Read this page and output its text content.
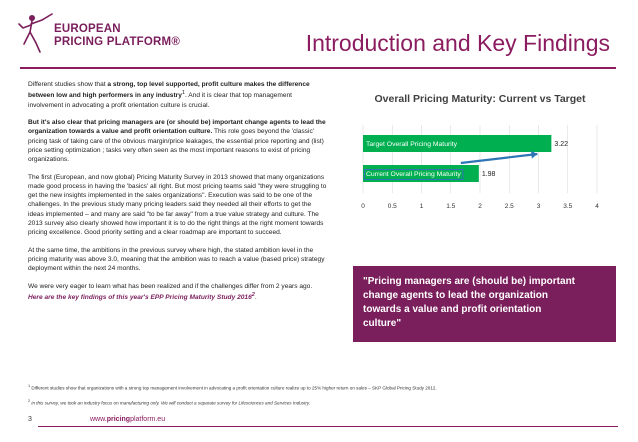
EUROPEAN
PRICING PLATFORM®	Introduction and Key Findings

Different studies show that a strong, top level supported, profit culture makes the difference between low and high performers in any industry$^1$. And it is clear that top management involvement in advocating a profit orientation culture is crucial.

But it's also clear that pricing managers are (or should be) important change agents to lead the organization towards a value and profit orientation culture. This role goes beyond the 'classic' pricing task of taking care of the obvious margin/price leakages, the essential price reporting and (list) price setting optimization ; tasks very often seen as the most important reasons to exist of pricing organizations.

The first (European, and now global) Pricing Maturity Survey in 2013 showed that many organizations made good process in having the 'basics' all right. But most pricing teams said "they were struggling to get the new insights implemented in the sales organizations". Execution was said to be one of the challenges. In the previous study many pricing leaders said they needed all their efforts to get the ideas implemented – and many are said "to be far away" from a true value strategy and culture. The 2013 survey also clearly showed how important it is to do the right things at the right moment towards pricing excellence. Good priority setting and a clear roadmap are important to succeed.

At the same time, the ambitions in the previous survey where high, the stated ambition level in the pricing maturity was above 3.0, meaning that the ambition was to reach a value (based price) strategy deployment within the next 24 months.

We were very eager to learn what has been realized and if the challenges differ from 2 years ago. Here are the key findings of this year's EPP Pricing Maturity Study 2016$^2$.

Overall Pricing Maturity: Current vs Target
0	0.5	1	1.5	2	2.5	3	3.5	4
Target Overall Pricing Maturity	3.22
Current Overall Pricing Maturity	1.98
"Pricing managers are (should be) important
change agents to lead the organization
towards a value and profit orientation
culture"

$^1$ Different studies show that organizations with a strong top management involvement in advocating a profit orientation culture realize up to 25% higher return on sales – SKP Global Pricing Study 2012.

$^2$ in this survey, we took an industry focus on manufacturing only. We will conduct a separate survey for Lifesciences and Services Industry.

3	www.pricingplatform.eu
